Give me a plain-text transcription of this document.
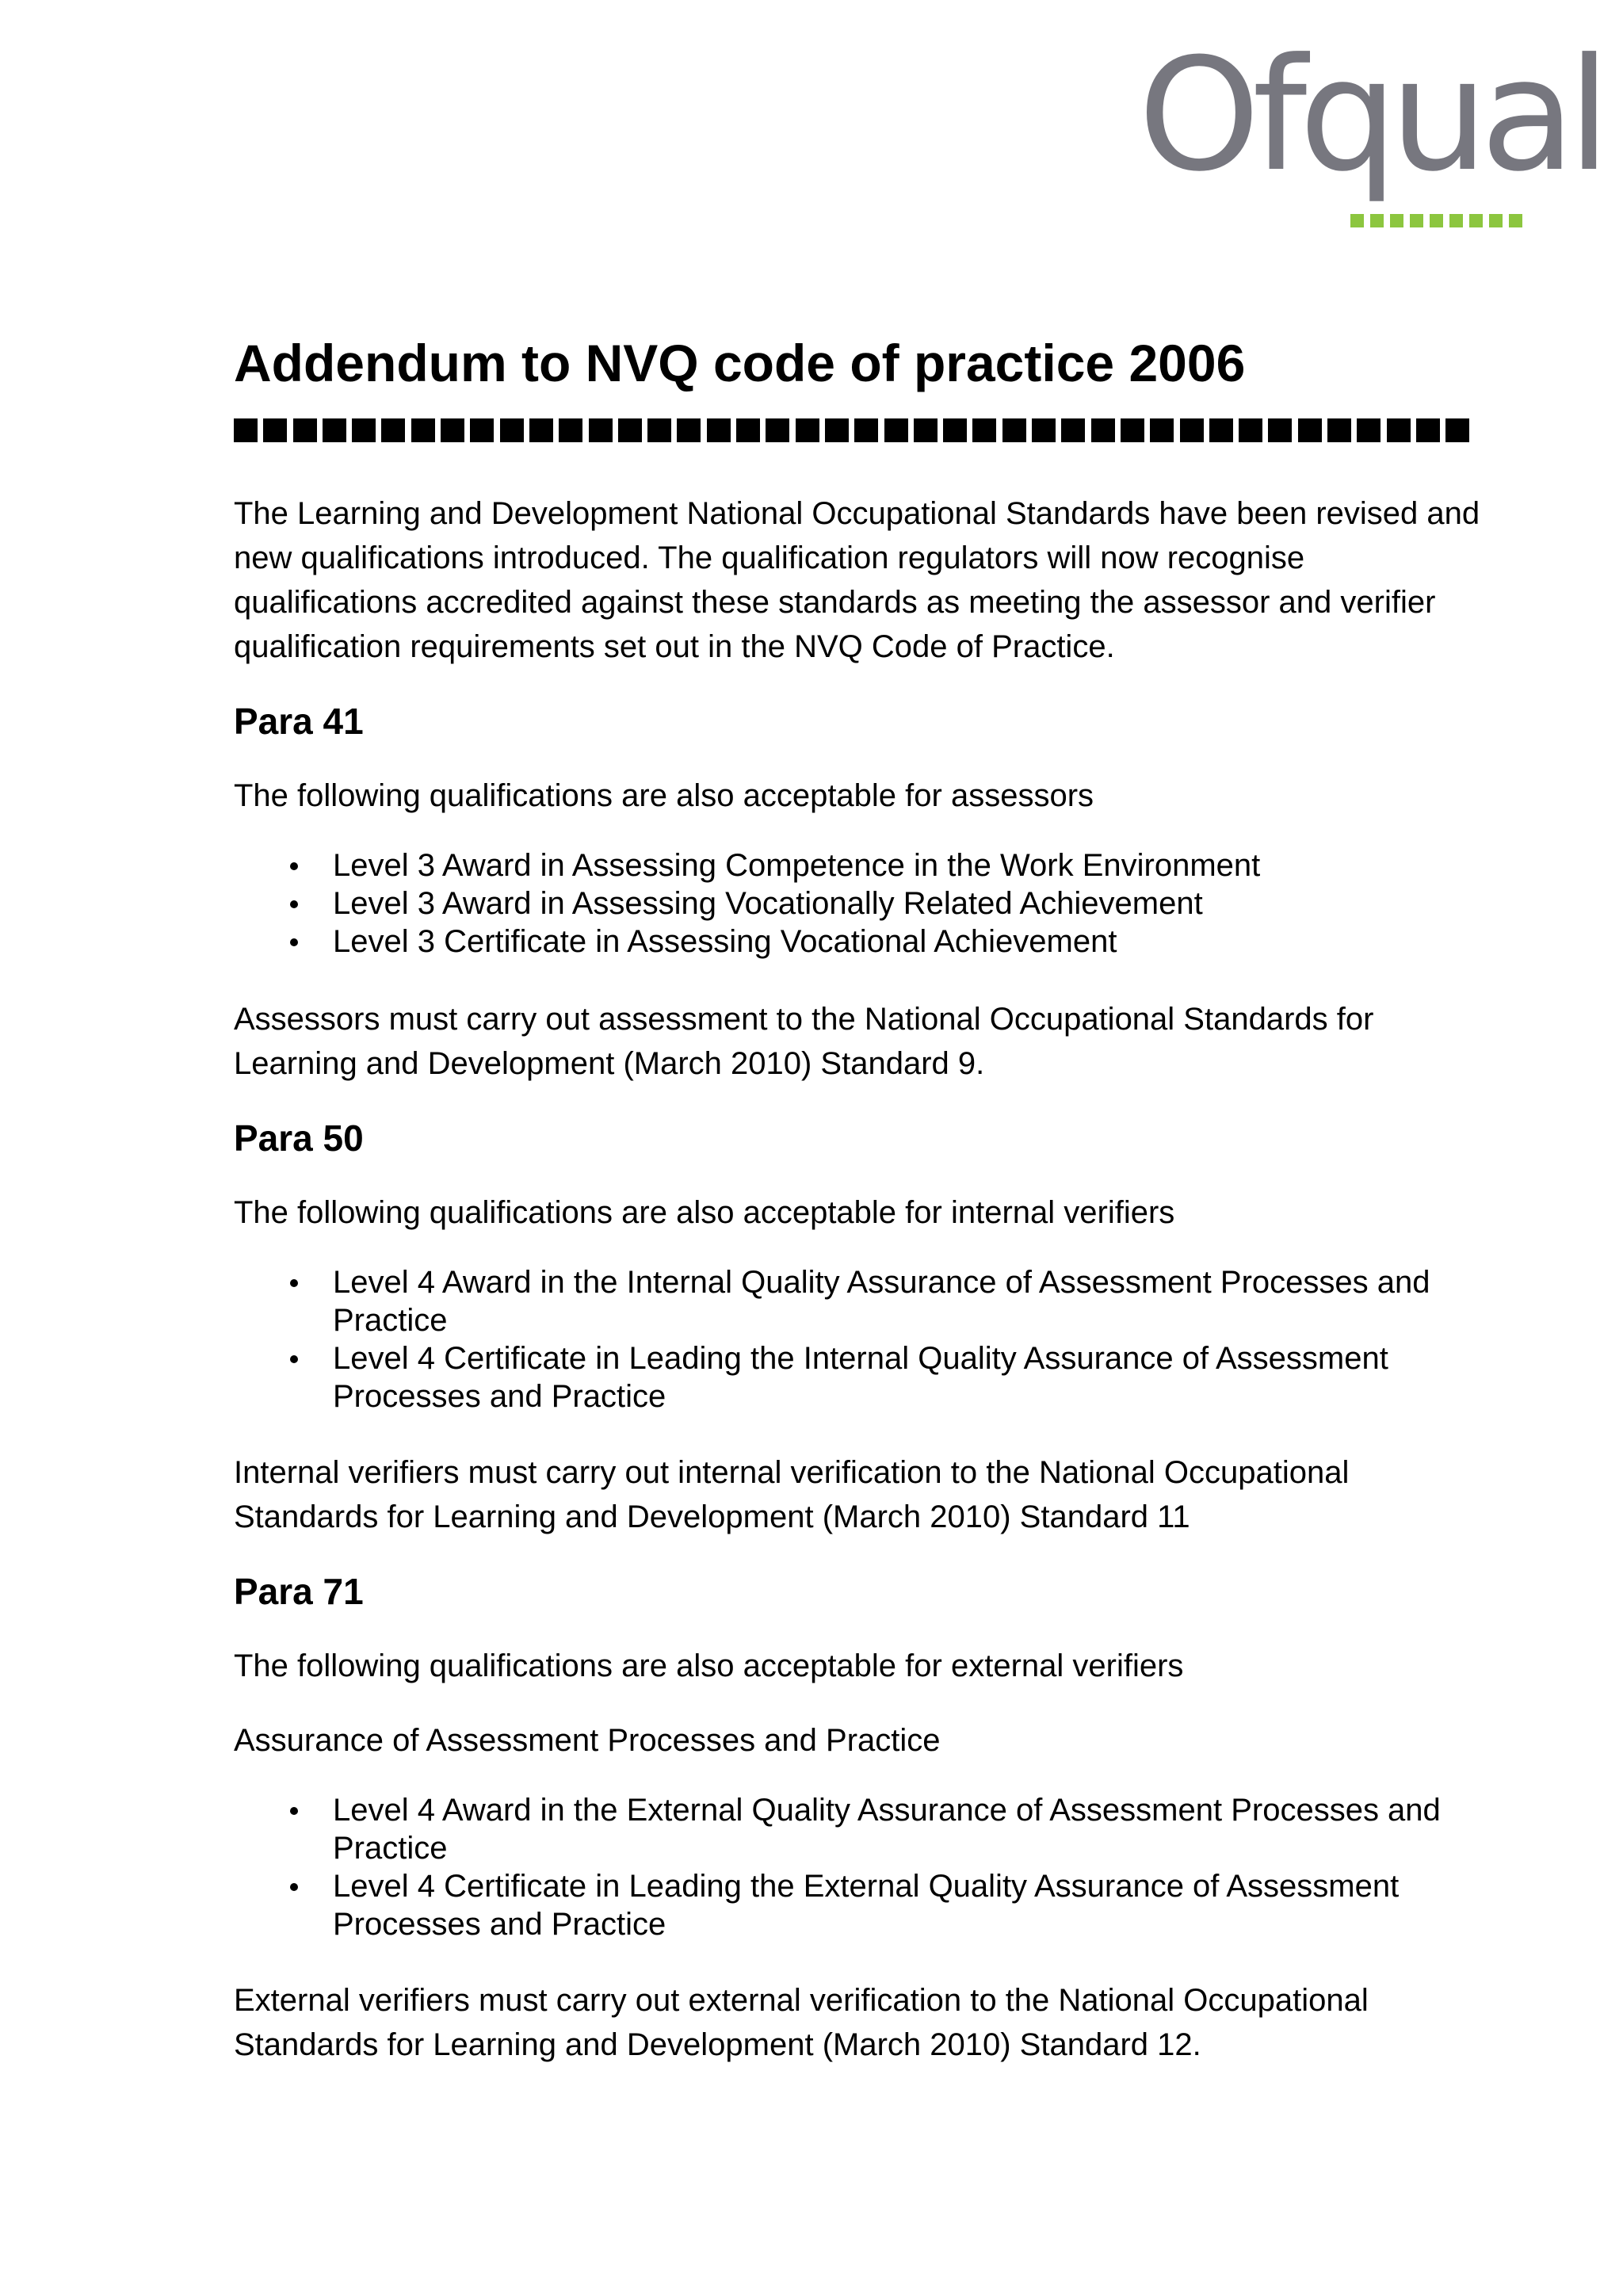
Ofqual
Addendum to NVQ code of practice 2006

The Learning and Development National Occupational Standards have been revised and new qualifications introduced. The qualification regulators will now recognise qualifications accredited against these standards as meeting the assessor and verifier qualification requirements set out in the NVQ Code of Practice.

Para 41

The following qualifications are also acceptable for assessors

Level 3 Award in Assessing Competence in the Work Environment
Level 3 Award in Assessing Vocationally Related Achievement
Level 3 Certificate in Assessing Vocational Achievement

Assessors must carry out assessment to the National Occupational Standards for Learning and Development (March 2010) Standard 9.

Para 50

The following qualifications are also acceptable for internal verifiers

Level 4 Award in the Internal Quality Assurance of Assessment Processes and Practice
Level 4 Certificate in Leading the Internal Quality Assurance of Assessment Processes and Practice

Internal verifiers must carry out internal verification to the National Occupational Standards for Learning and Development (March 2010) Standard 11

Para 71

The following qualifications are also acceptable for external verifiers

Assurance of Assessment Processes and Practice

Level 4 Award in the External Quality Assurance of Assessment Processes and Practice
Level 4 Certificate in Leading the External Quality Assurance of Assessment Processes and Practice

External verifiers must carry out external verification to the National Occupational Standards for Learning and Development (March 2010) Standard 12.
